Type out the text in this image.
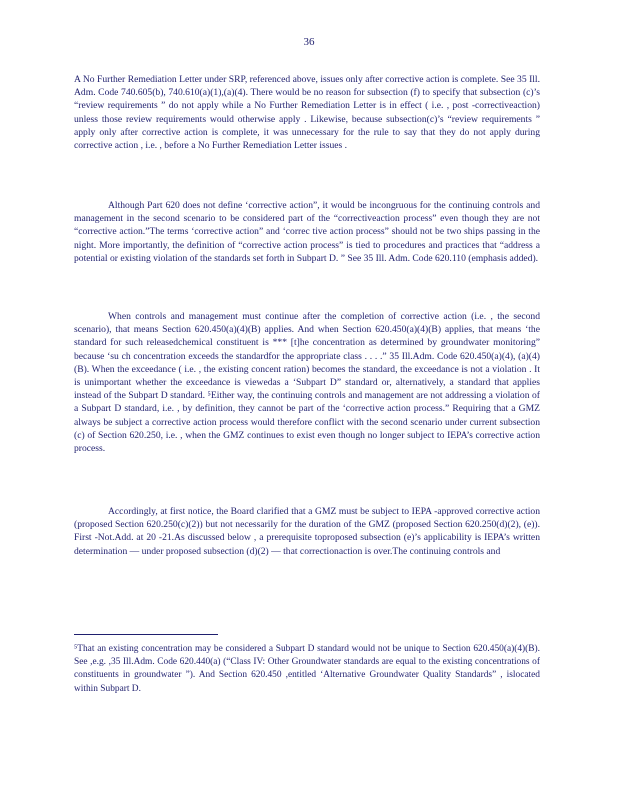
36

A No Further Remediation Letter under SRP, referenced above, issues only after corrective action is complete. See 35 Ill. Adm. Code 740.605(b), 740.610(a)(1),(a)(4). There would be no reason for subsection (f) to specify that subsection (c)’s “review requirements ” do not apply while a No Further Remediation Letter is in effect ( i.e. , post -correctiveaction) unless those review requirements would otherwise apply . Likewise, because subsection(c)’s “review requirements ” apply only after corrective action is complete, it was unnecessary for the rule to say that they do not apply during corrective action , i.e. , before a No Further Remediation Letter issues .

Although Part 620 does not define ‘corrective action”, it would be incongruous for the continuing controls and management in the second scenario to be considered part of the “correctiveaction process” even though they are not “corrective action.”The terms ‘corrective action” and ‘correc tive action process” should not be two ships passing in the night. More importantly, the definition of “corrective action process” is tied to procedures and practices that “address a potential or existing violation of the standards set forth in Subpart D. ” See 35 Ill. Adm. Code 620.110 (emphasis added).

When controls and management must continue after the completion of corrective action (i.e. , the second scenario), that means Section 620.450(a)(4)(B) applies. And when Section 620.450(a)(4)(B) applies, that means ‘the standard for such releasedchemical constituent is *** [t]he concentration as determined by groundwater monitoring” because ‘su ch concentration exceeds the standardfor the appropriate class . . . .” 35 Ill.Adm. Code 620.450(a)(4), (a)(4)(B). When the exceedance ( i.e. , the existing concent ration) becomes the standard, the exceedance is not a violation . It is unimportant whether the exceedance is viewedas a ‘Subpart D” standard or, alternatively, a standard that applies instead of the Subpart D standard. ⁵Either way, the continuing controls and management are not addressing a violation of a Subpart D standard, i.e. , by definition, they cannot be part of the ‘corrective action process.” Requiring that a GMZ always be subject a corrective action process would therefore conflict with the second scenario under current subsection (c) of Section 620.250, i.e. , when the GMZ continues to exist even though no longer subject to IEPA’s corrective action process.

Accordingly, at first notice, the Board clarified that a GMZ must be subject to IEPA -approved corrective action (proposed Section 620.250(c)(2)) but not necessarily for the duration of the GMZ (proposed Section 620.250(d)(2), (e)). First -Not.Add. at 20 -21.As discussed below , a prerequisite toproposed subsection (e)’s applicability is IEPA’s written determination — under proposed subsection (d)(2) — that correctionaction is over.The continuing controls and

⁵That an existing concentration may be considered a Subpart D standard would not be unique to Section 620.450(a)(4)(B). See ,e.g. ,35 Ill.Adm. Code 620.440(a) (“Class IV: Other Groundwater standards are equal to the existing concentrations of constituents in groundwater ”). And Section 620.450 ,entitled ‘Alternative Groundwater Quality Standards” , islocated within Subpart D.
